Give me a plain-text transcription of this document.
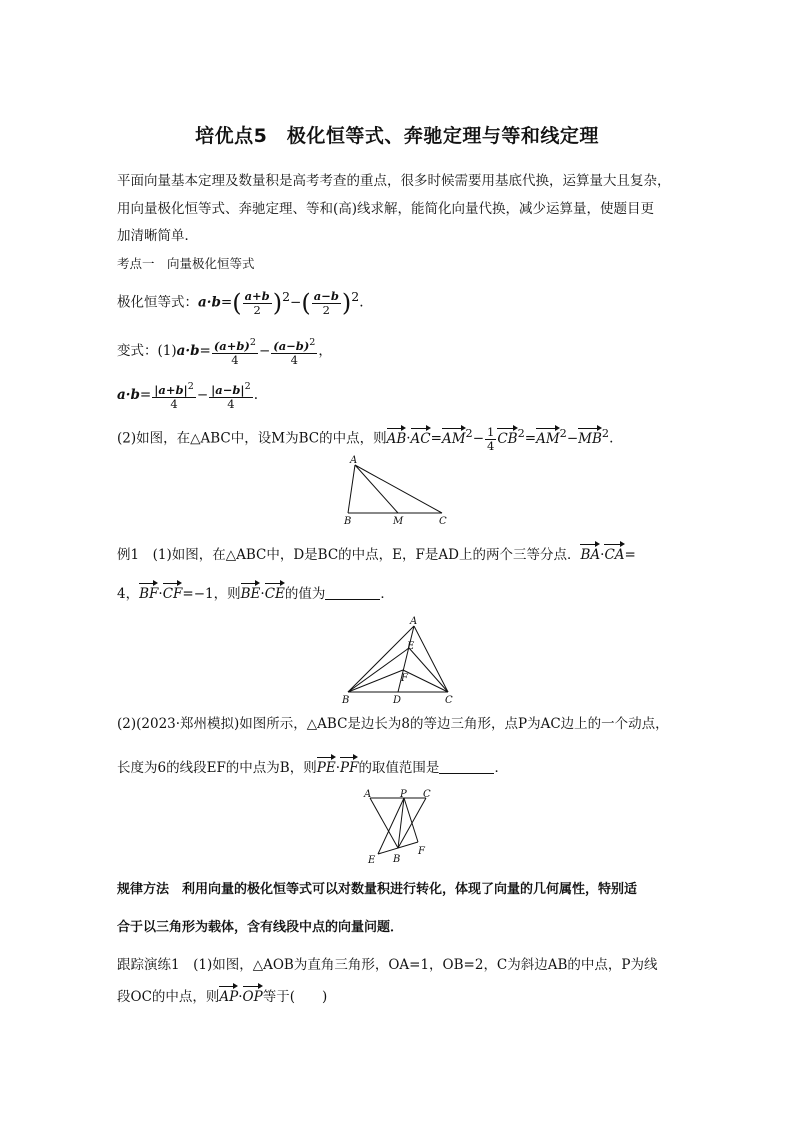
培优点5　极化恒等式、奔驰定理与等和线定理
平面向量基本定理及数量积是高考考查的重点，很多时候需要用基底代换，运算量大且复杂，
用向量极化恒等式、奔驰定理、等和(高)线求解，能简化向量代换，减少运算量，使题目更
加清晰简单．
考点一　向量极化恒等式
极化恒等式：$a\cdot b=( \frac{a+b}{2} )^2-( \frac{a-b}{2} )^2$.
变式：$(1)a\cdot b= \frac{(a+b)^2}{4} - \frac{(a-b)^2}{4}$ ，
$a\cdot b= \frac{|a+b|^2}{4} - \frac{|a-b|^2}{4}$ .
(2)如图，在△ABC中，设M为BC的中点，则$AB\cdot AC=AM^2- \frac{1}{4} CB^2=AM^2-MB^2$.
A
B	M	C
例1　(1)如图，在△ABC中，D是BC的中点，E，F是AD上的两个三等分点．BA·CA=
4，BF·CF=−1，则BE·CE的值为	．
A
E
F
B	D	C
(2)(2023·郑州模拟)如图所示，△ABC是边长为8的等边三角形，点P为AC边上的一个动点，
长度为6的线段EF的中点为B，则PE·PF的取值范围是	．
A	P C
E B
F
规律方法　利用向量的极化恒等式可以对数量积进行转化，体现了向量的几何属性，特别适
合于以三角形为载体，含有线段中点的向量问题．
跟踪演练1　(1)如图，△AOB为直角三角形，OA=1，OB=2，C为斜边AB的中点，P为线
段OC的中点，则AP·OP等于(　　)
